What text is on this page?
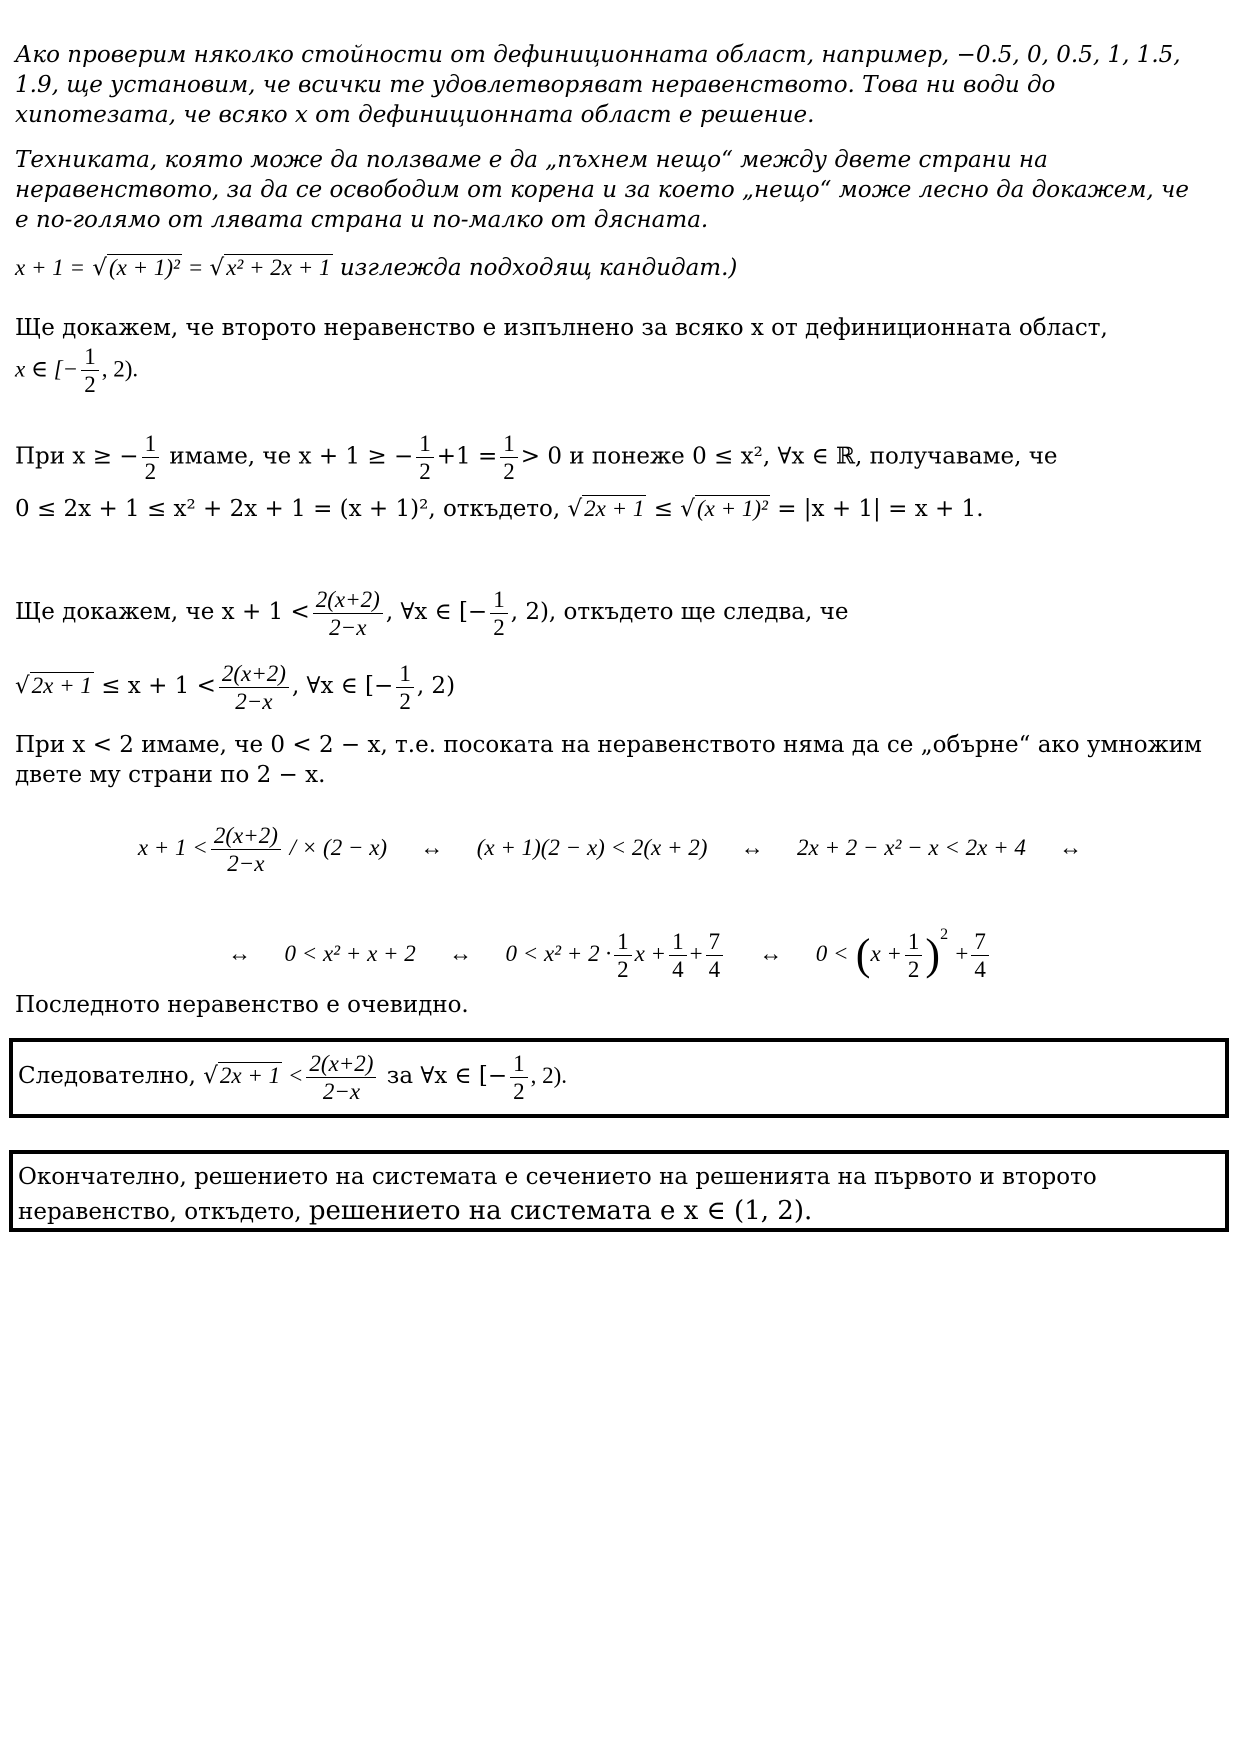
Ако проверим няколко стойности от дефиниционната област, например, −0.5, 0, 0.5, 1, 1.5, 1.9, ще установим, че всички те удовлетворяват неравенството. Това ни води до хипотезата, че всяко x от дефиниционната област е решение.

Техниката, която може да ползваме е да „пъхнем нещо“ между двете страни на неравенството, за да се освободим от корена и за което „нещо“ може лесно да докажем, че е по-голямо от лявата страна и по-малко от дясната.

x + 1 = √(x + 1)² = √x² + 2x + 1 изглежда подходящ кандидат.)

Ще докажем, че второто неравенство е изпълнено за всяко x от дефиниционната област,
x ∈ [− $\frac{1}{2}$ , 2).

При x ≥ − $\frac{1}{2}$ имаме, че x + 1 ≥ − $\frac{1}{2} +1 = \frac{1}{2} > 0$ и понеже 0 ≤ x², ∀x ∈ ℝ, получаваме, че
0 ≤ 2x + 1 ≤ x² + 2x + 1 = (x + 1)², откъдето, √2x + 1 ≤ √(x + 1)² = |x + 1| = x + 1.

Ще докажем, че $x + 1 < \frac{2(x+2)}{2-x}$ , ∀x ∈ [− $\frac{1}{2}$ , 2), откъдето ще следва, че
$√2x + 1 \le x + 1 < \frac{2(x+2)}{2-x}$ , ∀x ∈ [− $\frac{1}{2}$ , 2)

При x < 2 имаме, че 0 < 2 − x, т.е. посоката на неравенството няма да се „обърне“ ако умножим двете му страни по 2 − x.

$x + 1 < \frac{2(x+2)}{2-x}$ / × (2 − x) ↔ (x + 1)(2 − x) < 2(x + 2) ↔ 2x + 2 − x² − x < 2x + 4 ↔

↔ 0 < x² + x + 2 ↔ $0 < x^2 + 2 \cdot \frac{1}{2}$ $x + \frac{1}{4} + \frac{7}{4}$ ↔ $0 < (x + \frac{1}{2} )^2 + \frac{7}{4}$

Последното неравенство е очевидно.

Следователно, $√2x + 1 < \frac{2(x+2)}{2-x}$ за ∀x ∈ [− $\frac{1}{2}$ , 2).
Окончателно, решението на системата е сечението на решенията на първото и второто неравенство, откъдето, решението на системата е x ∈ (1, 2).
